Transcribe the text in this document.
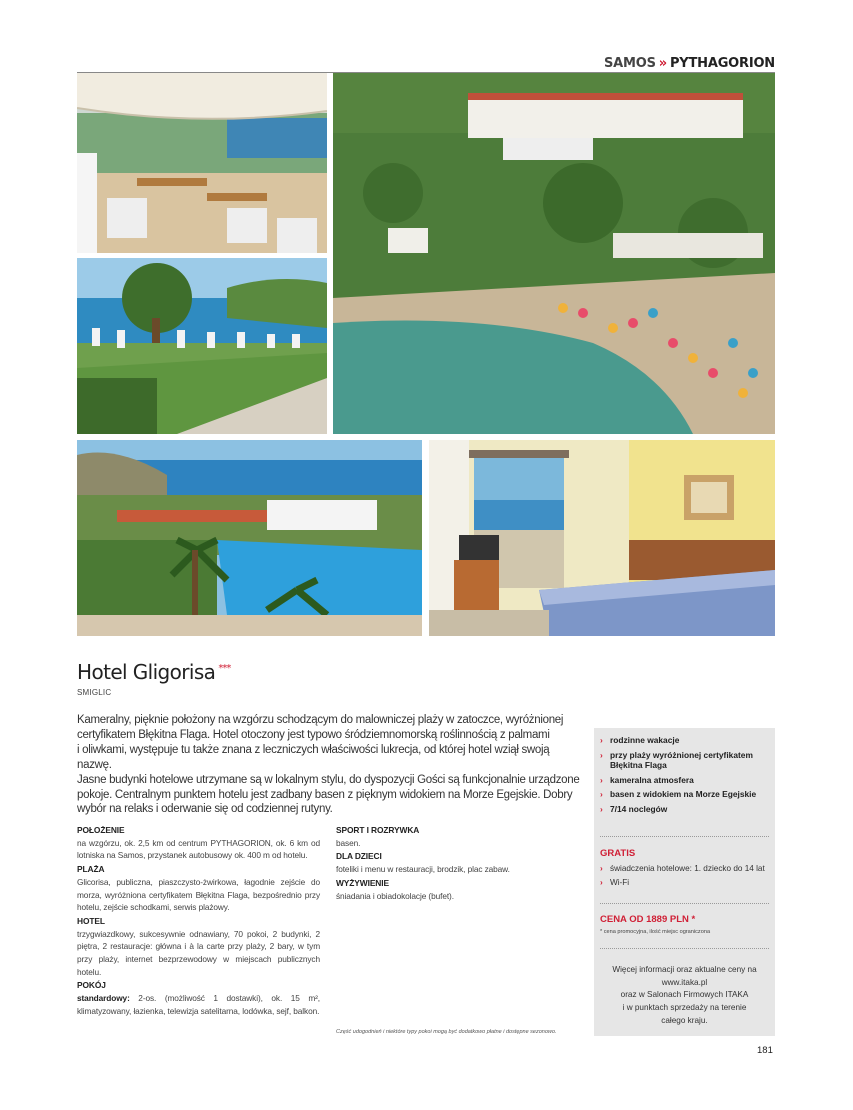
SAMOS » PYTHAGORION
Hotel Gligorisa ***
SMIGLIC
Kameralny, pięknie położony na wzgórzu schodzącym do malowniczej plaży w zatoczce, wyróżnionej
certyfikatem Błękitna Flaga. Hotel otoczony jest typowo śródziemnomorską roślinnością z palmami
i oliwkami, występuje tu także znana z leczniczych właściwości lukrecja, od której hotel wziął swoją nazwę.
Jasne budynki hotelowe utrzymane są w lokalnym stylu, do dyspozycji Gości są funkcjonalnie urządzone
pokoje. Centralnym punktem hotelu jest zadbany basen z pięknym widokiem na Morze Egejskie. Dobry
wybór na relaks i oderwanie się od codziennej rutyny.
POŁOŻENIE
na wzgórzu, ok. 2,5 km od centrum PYTHAGORION, ok. 6 km od lotniska na Samos, przystanek autobusowy ok. 400 m od hotelu.
PLAŻA
Glicorisa, publiczna, piaszczysto-żwirkowa, łagodnie zejście do morza, wyróżniona certyfikatem Błękitna Flaga, bezpośrednio przy hotelu, zejście schodkami, serwis plażowy.
HOTEL
trzygwiazdkowy, sukcesywnie odnawiany, 70 pokoi, 2 budynki, 2 piętra, 2 restauracje: główna i à la carte przy plaży, 2 bary, w tym przy plaży, internet bezprzewodowy w miejscach publicznych hotelu.
POKÓJ
standardowy: 2-os. (możliwość 1 dostawki), ok. 15 m², klimatyzowany, łazienka, telewizja satelitarna, lodówka, sejf, balkon.
SPORT I ROZRYWKA
basen.
DLA DZIECI
foteliki i menu w restauracji, brodzik, plac zabaw.
WYŻYWIENIE
śniadania i obiadokolacje (bufet).
Część udogodnień i niektóre typy pokoi mogą być dodatkowo płatne i dostępne sezonowo.
› rodzinne wakacje
› przy plaży wyróżnionej certyfikatem Błękitna Flaga
› kameralna atmosfera
› basen z widokiem na Morze Egejskie
› 7/14 noclegów
GRATIS
› świadczenia hotelowe: 1. dziecko do 14 lat
› Wi-Fi
CENA OD 1889 PLN *
* cena promocyjna, ilość miejsc ograniczona
Więcej informacji oraz aktualne ceny na
www.itaka.pl
oraz w Salonach Firmowych ITAKA
i w punktach sprzedaży na terenie
całego kraju.
181
